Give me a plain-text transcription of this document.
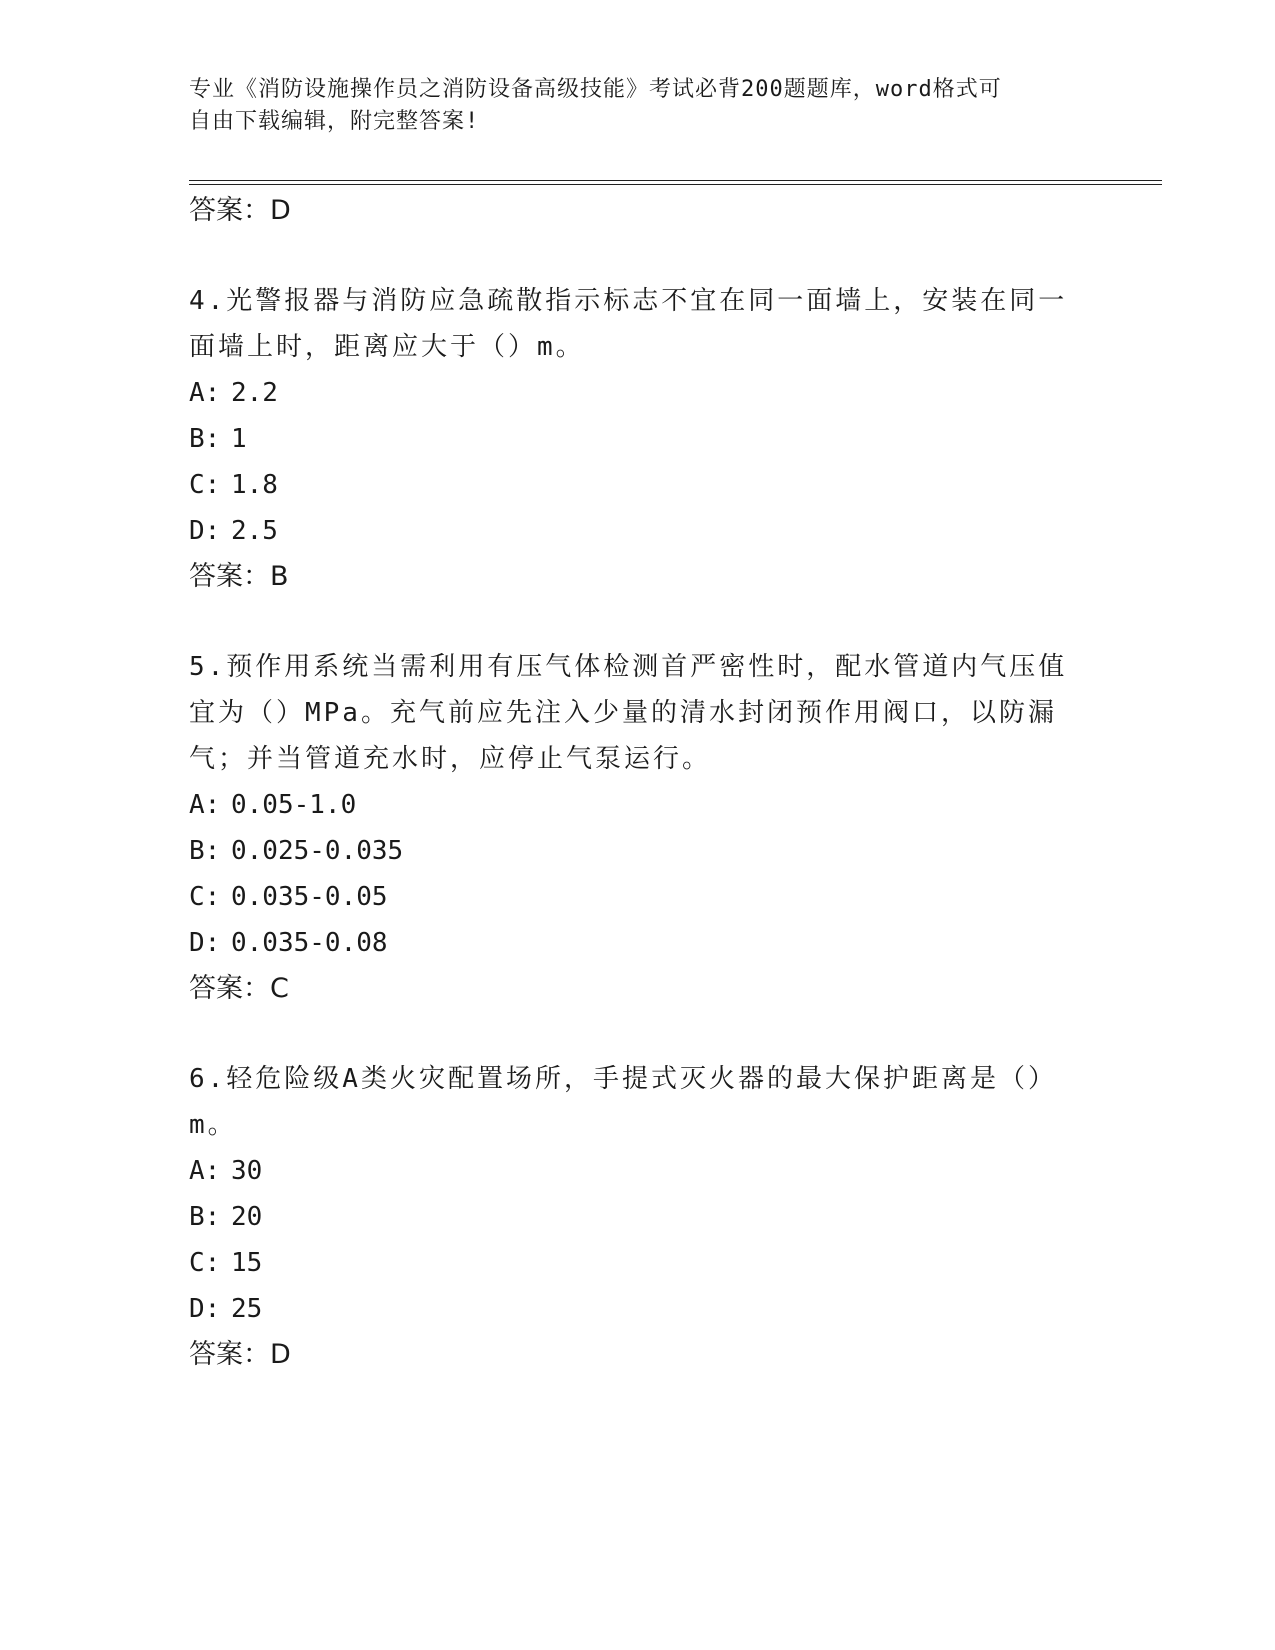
专业《消防设施操作员之消防设备高级技能》考试必背200题题库，word格式可
自由下载编辑，附完整答案!
答案：D
4.光警报器与消防应急疏散指示标志不宜在同一面墙上，安装在同一面墙上时，距离应大于（）m。
A: 2.2
B: 1
C: 1.8
D: 2.5
答案：B
5.预作用系统当需利用有压气体检测首严密性时，配水管道内气压值宜为（）MPa。充气前应先注入少量的清水封闭预作用阀口，以防漏气；并当管道充水时，应停止气泵运行。
A: 0.05-1.0
B: 0.025-0.035
C: 0.035-0.05
D: 0.035-0.08
答案：C
6.轻危险级A类火灾配置场所，手提式灭火器的最大保护距离是（）m。
A: 30
B: 20
C: 15
D: 25
答案：D
